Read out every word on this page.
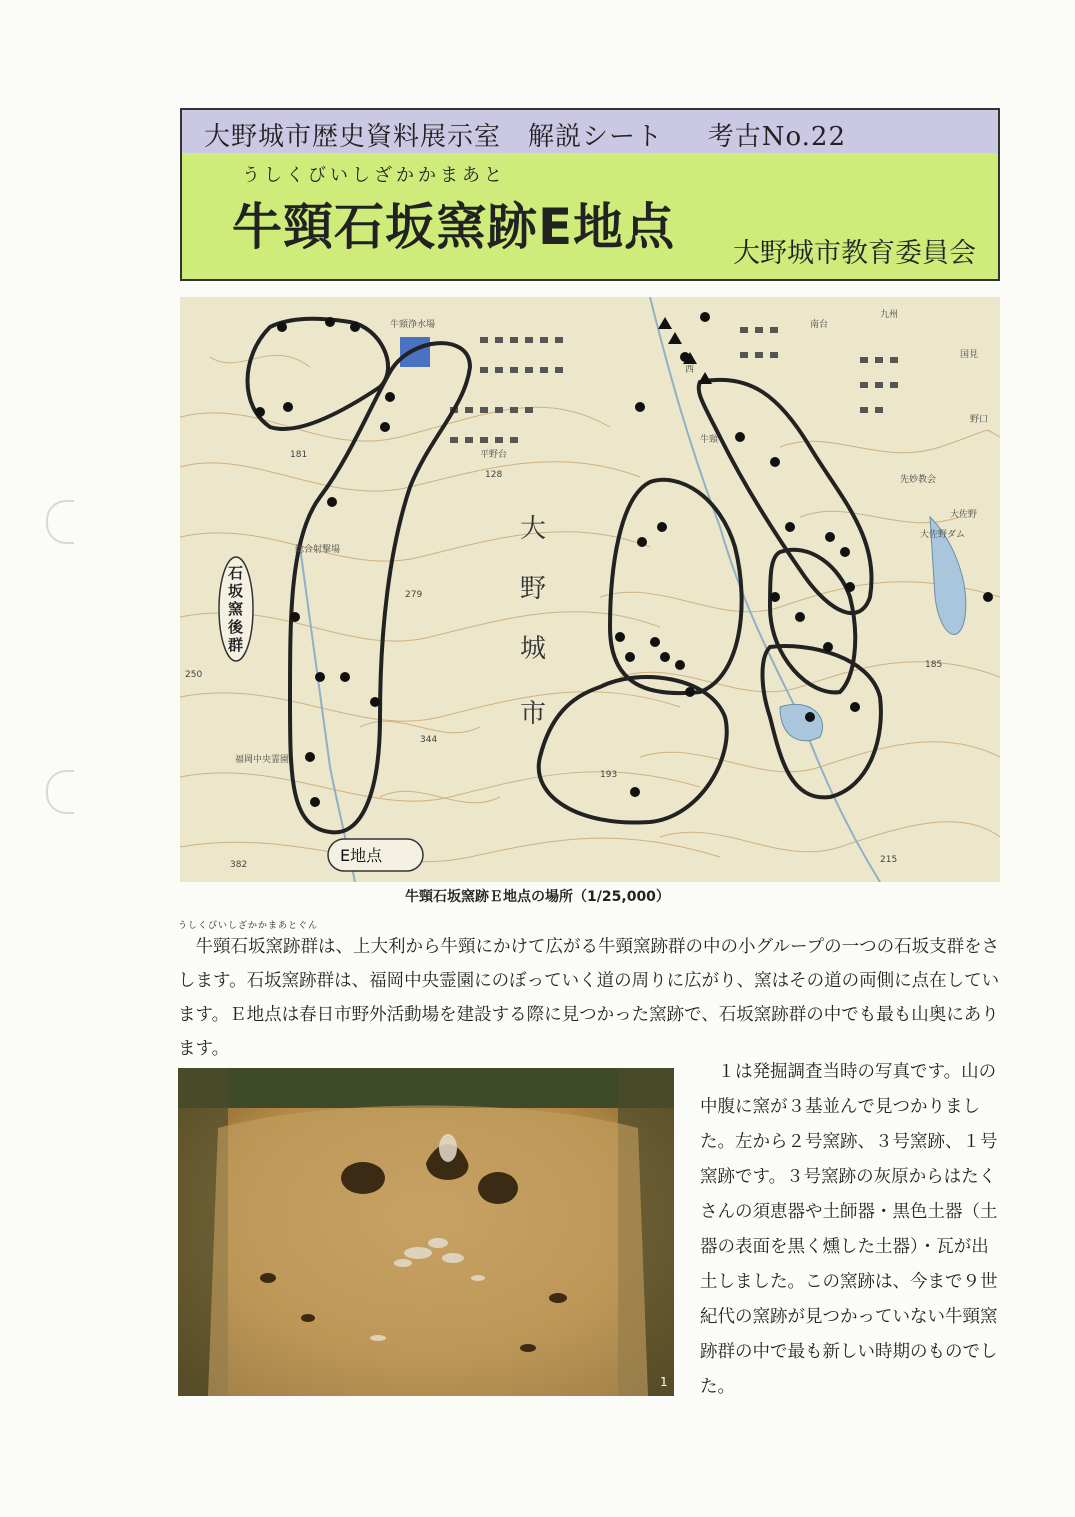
大野城市歴史資料展示室　解説シート 考古No.22
うしくびいしざかかまあと
牛頸石坂窯跡E地点 大野城市教育委員会
大
野
城
市
石
坂
窯
後
群
E地点
九州
国見
牛頸
平野台
野口
大佐野
先妙教会
総合射撃場
福岡中央霊園
牛頸浄水場
大佐野ダム
南台
西
279
344
382
193
128
185
215
250
181
牛頸石坂窯跡Ｅ地点の場所（1/25,000）
うしくびいしざかかまあとぐん

牛頸石坂窯跡群は、上大利から牛頸にかけて広がる牛頸窯跡群の中の小グループの一つの石坂支群をさします。石坂窯跡群は、福岡中央霊園にのぼっていく道の周りに広がり、窯はその道の両側に点在しています。Ｅ地点は春日市野外活動場を建設する際に見つかった窯跡で、石坂窯跡群の中でも最も山奥にあります。

1

１は発掘調査当時の写真です。山の中腹に窯が３基並んで見つかりました。左から２号窯跡、３号窯跡、１号窯跡です。３号窯跡の灰原からはたくさんの須恵器や土師器・黒色土器（土器の表面を黒く燻した土器）・瓦が出土しました。この窯跡は、今まで９世紀代の窯跡が見つかっていない牛頸窯跡群の中で最も新しい時期のものでした。
